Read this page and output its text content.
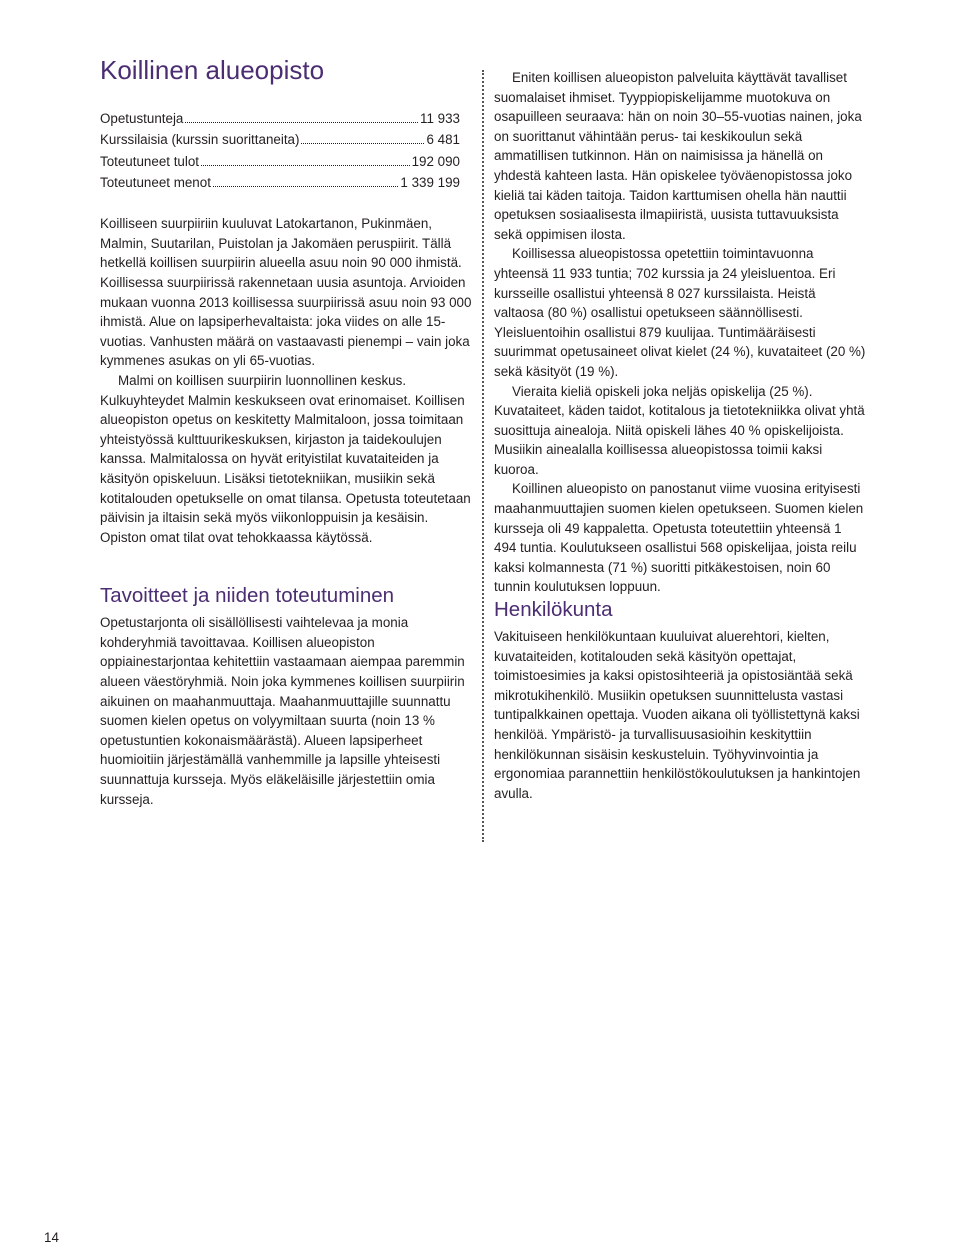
Koillinen alueopisto
Opetustunteja	11 933
Kurssilaisia (kurssin suorittaneita)	6 481
Toteutuneet tulot	192 090
Toteutuneet menot	1 339 199

Koilliseen suurpiiriin kuuluvat Latokartanon, Pukinmäen, Malmin, Suutarilan, Puistolan ja Jakomäen peruspiirit. Tällä hetkellä koillisen suurpiirin alueella asuu noin 90 000 ihmistä. Koillisessa suurpiirissä rakennetaan uusia asuntoja. Arvioiden mukaan vuonna 2013 koillisessa suurpiirissä asuu noin 93 000 ihmistä. Alue on lapsiperhevaltaista: joka viides on alle 15-vuotias. Vanhusten määrä on vastaavasti pienempi – vain joka kymmenes asukas on yli 65-vuotias.

Malmi on koillisen suurpiirin luonnollinen keskus. Kulkuyhteydet Malmin keskukseen ovat erinomaiset. Koillisen alueopiston opetus on keskitetty Malmitaloon, jossa toimitaan yhteistyössä kulttuurikeskuksen, kirjaston ja taidekoulujen kanssa. Malmitalossa on hyvät erityistilat kuvataiteiden ja käsityön opiskeluun. Lisäksi tietotekniikan, musiikin sekä kotitalouden opetukselle on omat tilansa. Opetusta toteutetaan päivisin ja iltaisin sekä myös viikonloppuisin ja kesäisin. Opiston omat tilat ovat tehokkaassa käytössä.

Tavoitteet ja niiden toteutuminen

Opetustarjonta oli sisällöllisesti vaihtelevaa ja monia kohderyhmiä tavoittavaa. Koillisen alueopiston oppiainestarjontaa kehitettiin vastaamaan aiempaa paremmin alueen väestöryhmiä. Noin joka kymmenes koillisen suurpiirin aikuinen on maahanmuuttaja. Maahanmuuttajille suunnattu suomen kielen opetus on volyymiltaan suurta (noin 13 % opetustuntien kokonaismäärästä). Alueen lapsiperheet huomioitiin järjestämällä vanhemmille ja lapsille yhteisesti suunnattuja kursseja. Myös eläkeläisille järjestettiin omia kursseja.

Eniten koillisen alueopiston palveluita käyttävät tavalliset suomalaiset ihmiset. Tyyppiopiskelijamme muotokuva on osapuilleen seuraava: hän on noin 30–55-vuotias nainen, joka on suorittanut vähintään perus- tai keskikoulun sekä ammatillisen tutkinnon. Hän on naimisissa ja hänellä on yhdestä kahteen lasta. Hän opiskelee työväenopistossa joko kieliä tai käden taitoja. Taidon karttumisen ohella hän nauttii opetuksen sosiaalisesta ilmapiiristä, uusista tuttavuuksista sekä oppimisen ilosta.

Koillisessa alueopistossa opetettiin toimintavuonna yhteensä 11 933 tuntia; 702 kurssia ja 24 yleisluentoa. Eri kursseille osallistui yhteensä 8 027 kurssilaista. Heistä valtaosa (80 %) osallistui opetukseen säännöllisesti. Yleisluentoihin osallistui 879 kuulijaa. Tuntimääräisesti suurimmat opetusaineet olivat kielet (24 %), kuvataiteet (20 %) sekä käsityöt (19 %).

Vieraita kieliä opiskeli joka neljäs opiskelija (25 %). Kuvataiteet, käden taidot, kotitalous ja tietotekniikka olivat yhtä suosittuja ainealoja. Niitä opiskeli lähes 40 % opiskelijoista. Musiikin ainealalla koillisessa alueopistossa toimii kaksi kuoroa.

Koillinen alueopisto on panostanut viime vuosina erityisesti maahanmuuttajien suomen kielen opetukseen. Suomen kielen kursseja oli 49 kappaletta. Opetusta toteutettiin yhteensä 1 494 tuntia. Koulutukseen osallistui 568 opiskelijaa, joista reilu kaksi kolmannesta (71 %) suoritti pitkäkestoisen, noin 60 tunnin koulutuksen loppuun.

Henkilökunta

Vakituiseen henkilökuntaan kuuluivat aluerehtori, kielten, kuvataiteiden, kotitalouden sekä käsityön opettajat, toimistoesimies ja kaksi opistosihteeriä ja opistosiäntää sekä mikrotukihenkilö. Musiikin opetuksen suunnittelusta vastasi tuntipalkkainen opettaja. Vuoden aikana oli työllistettynä kaksi henkilöä. Ympäristö- ja turvallisuusasioihin keskityttiin henkilökunnan sisäisin keskusteluin. Työhyvinvointia ja ergonomiaa parannettiin henkilöstökoulutuksen ja hankintojen avulla.

14
